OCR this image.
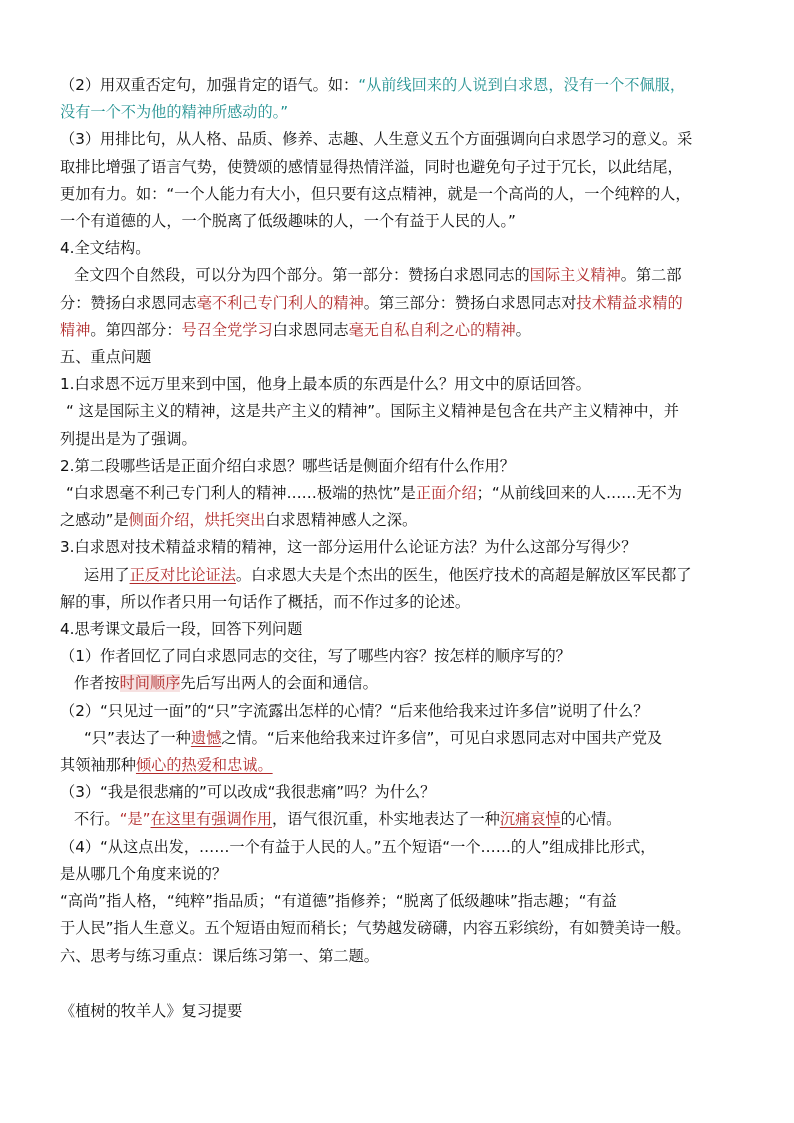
（2）用双重否定句，加强肯定的语气。如：“从前线回来的人说到白求恩，没有一个不佩服，
没有一个不为他的精神所感动的。”
（3）用排比句，从人格、品质、修养、志趣、人生意义五个方面强调向白求恩学习的意义。采
取排比增强了语言气势，使赞颂的感情显得热情洋溢，同时也避免句子过于冗长，以此结尾，
更加有力。如：“一个人能力有大小，但只要有这点精神，就是一个高尚的人，一个纯粹的人，
一个有道德的人，一个脱离了低级趣味的人，一个有益于人民的人。”
4.全文结构。
全文四个自然段，可以分为四个部分。第一部分：赞扬白求恩同志的国际主义精神。第二部
分：赞扬白求恩同志毫不利己专门利人的精神。第三部分：赞扬白求恩同志对技术精益求精的
精神。第四部分：号召全党学习白求恩同志毫无自私自利之心的精神。
五、重点问题
1.白求恩不远万里来到中国，他身上最本质的东西是什么？用文中的原话回答。
“ 这是国际主义的精神，这是共产主义的精神”。国际主义精神是包含在共产主义精神中，并
列提出是为了强调。
2.第二段哪些话是正面介绍白求恩？哪些话是侧面介绍有什么作用？
“白求恩毫不利己专门利人的精神……极端的热忱”是正面介绍；“从前线回来的人……无不为
之感动”是侧面介绍，烘托突出白求恩精神感人之深。
3.白求恩对技术精益求精的精神，这一部分运用什么论证方法？为什么这部分写得少？
运用了正反对比论证法。白求恩大夫是个杰出的医生，他医疗技术的高超是解放区军民都了
解的事，所以作者只用一句话作了概括，而不作过多的论述。
4.思考课文最后一段，回答下列问题
（1）作者回忆了同白求恩同志的交往，写了哪些内容？按怎样的顺序写的？
作者按时间顺序先后写出两人的会面和通信。
（2）“只见过一面”的“只”字流露出怎样的心情？“后来他给我来过许多信”说明了什么？
“只”表达了一种遗憾之情。“后来他给我来过许多信”，可见白求恩同志对中国共产党及
其领袖那种倾心的热爱和忠诚。
（3）“我是很悲痛的”可以改成“我很悲痛”吗？为什么？
不行。“是”在这里有强调作用，语气很沉重，朴实地表达了一种沉痛哀悼的心情。
（4）“从这点出发，……一个有益于人民的人。”五个短语“一个……的人”组成排比形式，
是从哪几个角度来说的？
“高尚”指人格，“纯粹”指品质；“有道德”指修养；“脱离了低级趣味”指志趣；“有益
于人民”指人生意义。五个短语由短而稍长；气势越发磅礴，内容五彩缤纷，有如赞美诗一般。
六、思考与练习重点：课后练习第一、第二题。
《植树的牧羊人》复习提要
